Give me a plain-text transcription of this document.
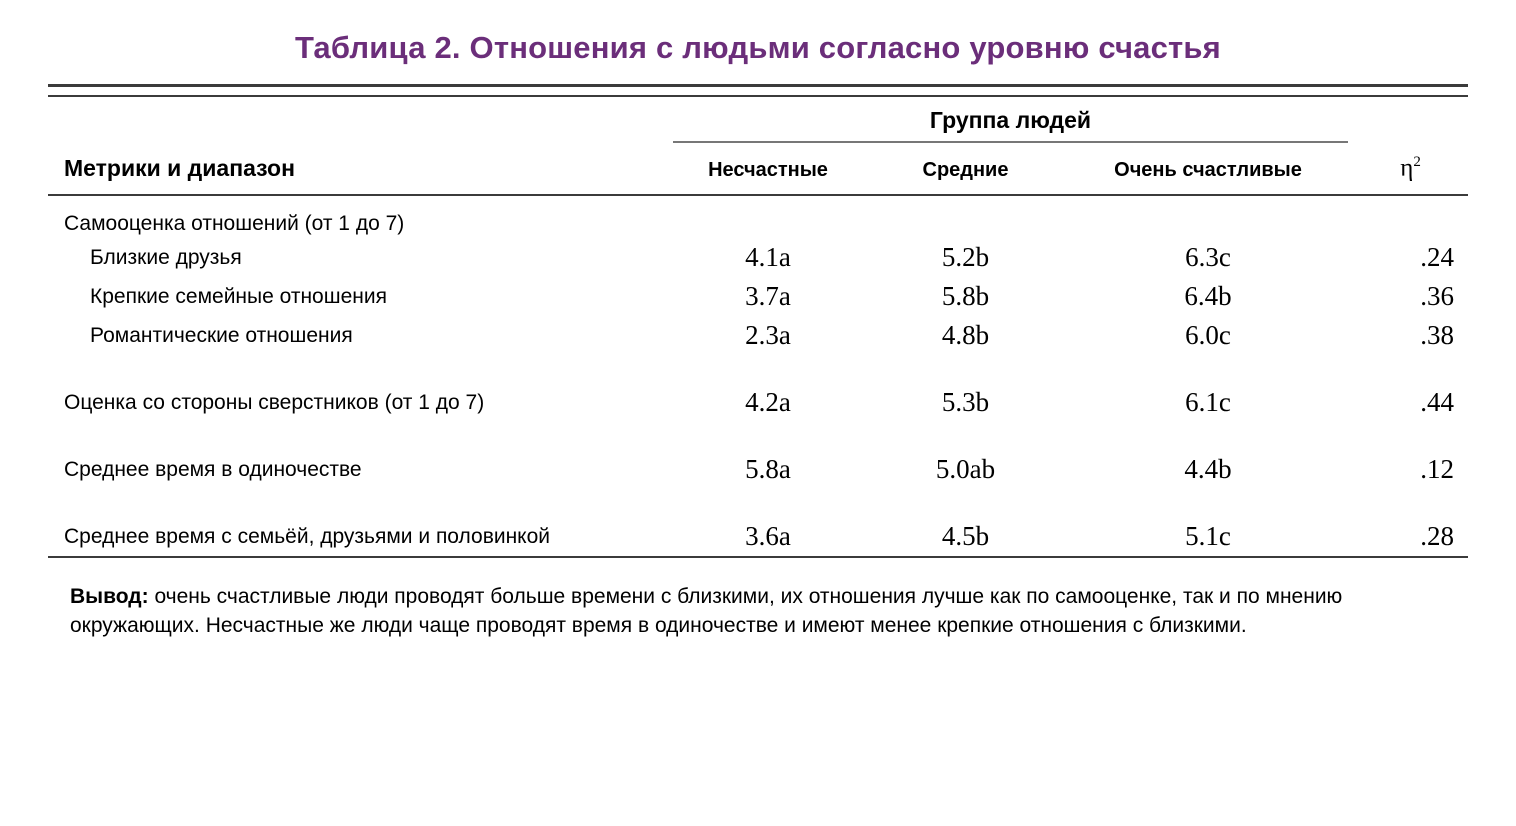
Таблица 2. Отношения с людьми согласно уровню счастья

	Группа людей			

Метрики и диапазон	Несчастные	Средние	Очень счастливые	$\eta^2$

Самооценка отношений (от 1 до 7)				
Близкие друзья	4.1a	5.2b	6.3c	.24
Крепкие семейные отношения	3.7a	5.8b	6.4b	.36
Романтические отношения	2.3a	4.8b	6.0c	.38

Оценка со стороны сверстников (от 1 до 7)	4.2a	5.3b	6.1c	.44

Среднее время в одиночестве	5.8a	5.0ab	4.4b	.12

Среднее время с семьёй, друзьями и половинкой	3.6a	4.5b	5.1c	.28

Вывод: очень счастливые люди проводят больше времени с близкими, их отношения лучше как по самооценке, так и по мнению окружающих. Несчастные же люди чаще проводят время в одиночестве и имеют менее крепкие отношения с близкими.
